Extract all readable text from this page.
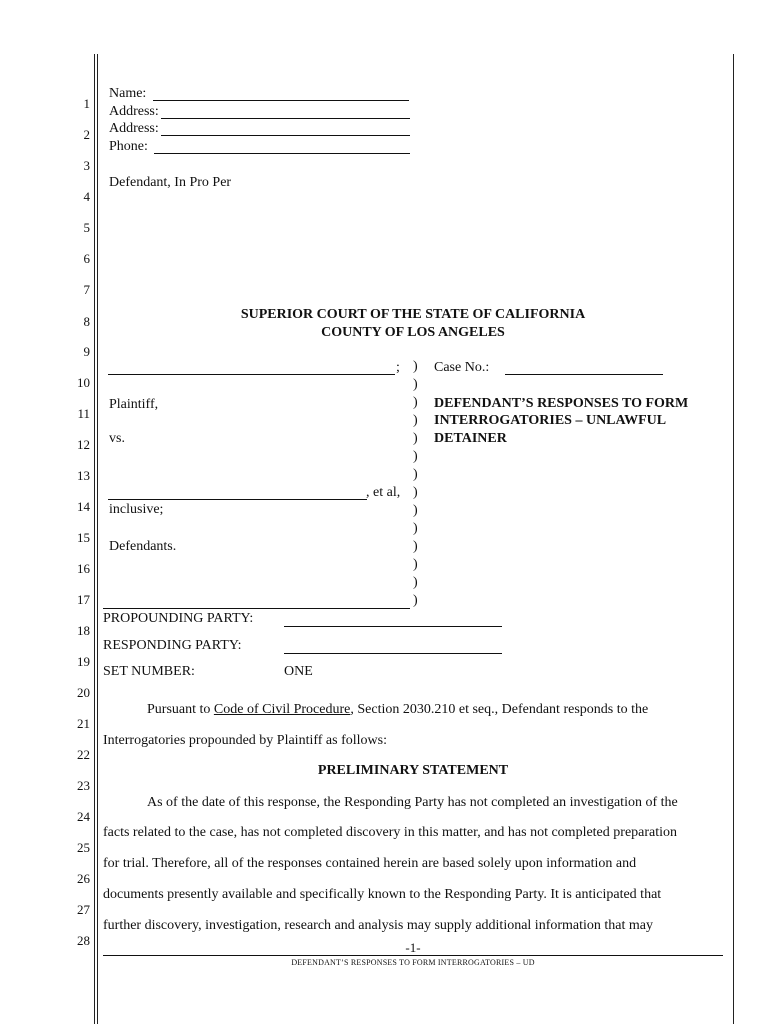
1
2
3
4
5
6
7
8
9
10
11
12
13
14
15
16
17
18
19
20
21
22
23
24
25
26
27
28
Name:
Address:
Address:
Phone:
Defendant, In Pro Per
SUPERIOR COURT OF THE STATE OF CALIFORNIA
COUNTY OF LOS ANGELES
;
Plaintiff,
vs.
, et al,
inclusive;
Defendants.
)
)
)
)
)
)
)
)
)
)
)
)
)
)
Case No.:
DEFENDANT’S RESPONSES TO FORM
INTERROGATORIES – UNLAWFUL
DETAINER
PROPOUNDING PARTY:
RESPONDING PARTY:
SET NUMBER:	ONE
Pursuant to Code of Civil Procedure, Section 2030.210 et seq., Defendant responds to the
Interrogatories propounded by Plaintiff as follows:
PRELIMINARY STATEMENT
As of the date of this response, the Responding Party has not completed an investigation of the
facts related to the case, has not completed discovery in this matter, and has not completed preparation
for trial. Therefore, all of the responses contained herein are based solely upon information and
documents presently available and specifically known to the Responding Party. It is anticipated that
further discovery, investigation, research and analysis may supply additional information that may
-1-
DEFENDANT’S RESPONSES TO FORM INTERROGATORIES – UD
